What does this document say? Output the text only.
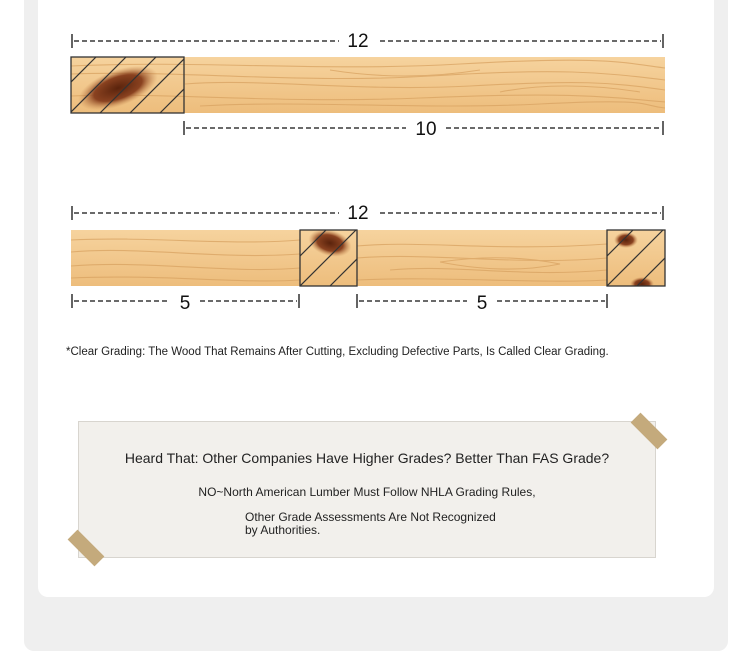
12
10
12
5	5
*Clear Grading: The Wood That Remains After Cutting, Excluding Defective Parts, Is Called Clear Grading.
Heard That: Other Companies Have Higher Grades? Better Than FAS Grade?
NO~North American Lumber Must Follow NHLA Grading Rules,
Other Grade Assessments Are Not Recognized
by Authorities.
